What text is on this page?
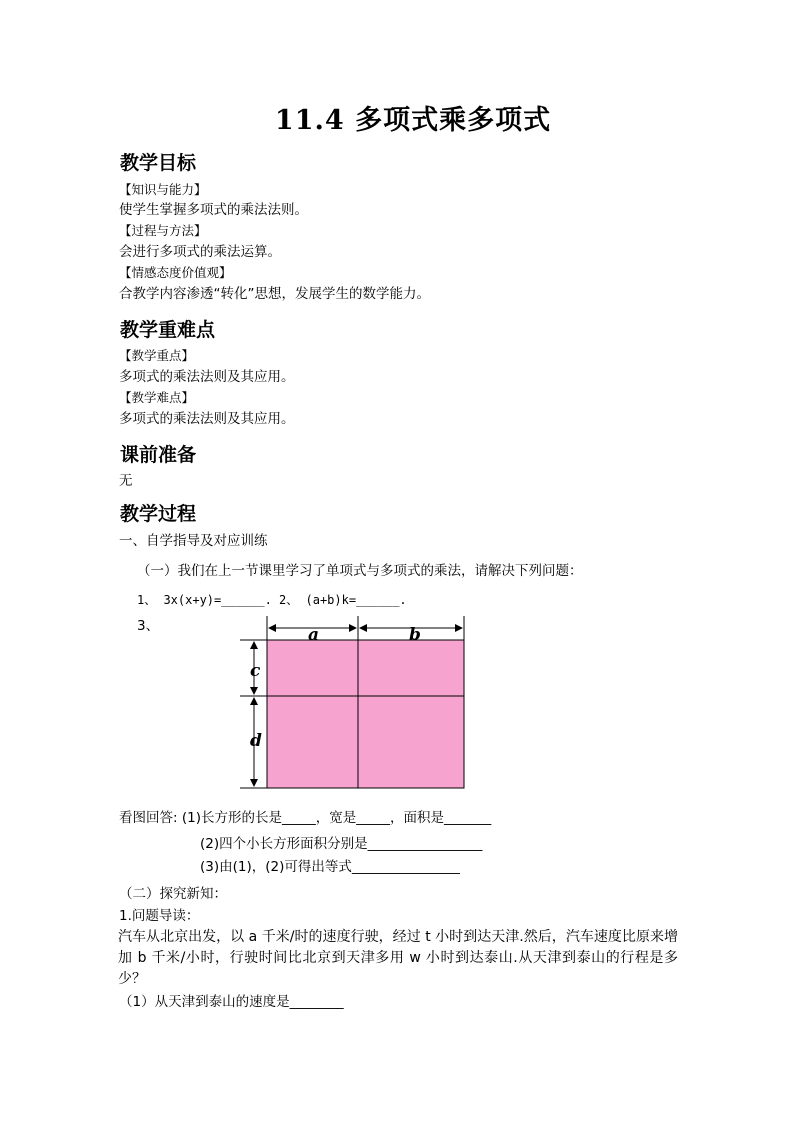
11.4 多项式乘多项式
教学目标
【知识与能力】
使学生掌握多项式的乘法法则。
【过程与方法】
会进行多项式的乘法运算。
【情感态度价值观】
合教学内容渗透“转化”思想，发展学生的数学能力。
教学重难点
【教学重点】
多项式的乘法法则及其应用。
【教学难点】
多项式的乘法法则及其应用。
课前准备
无
教学过程
一、自学指导及对应训练
（一）我们在上一节课里学习了单项式与多项式的乘法，请解决下列问题：
1、 3x(x+y)=______. 2、 (a+b)k=______.
3、	a	b
c
d
看图回答: (1)长方形的长是_____，宽是_____，面积是_______
(2)四个小长方形面积分别是_________________
(3)由(1)，(2)可得出等式________________
（二）探究新知：
1.问题导读：
汽车从北京出发，以 a 千米/时的速度行驶，经过 t 小时到达天津.然后，汽车速度比原来增加 b 千米/小时，行驶时间比北京到天津多用 w 小时到达泰山.从天津到泰山的行程是多少？
（1）从天津到泰山的速度是________
